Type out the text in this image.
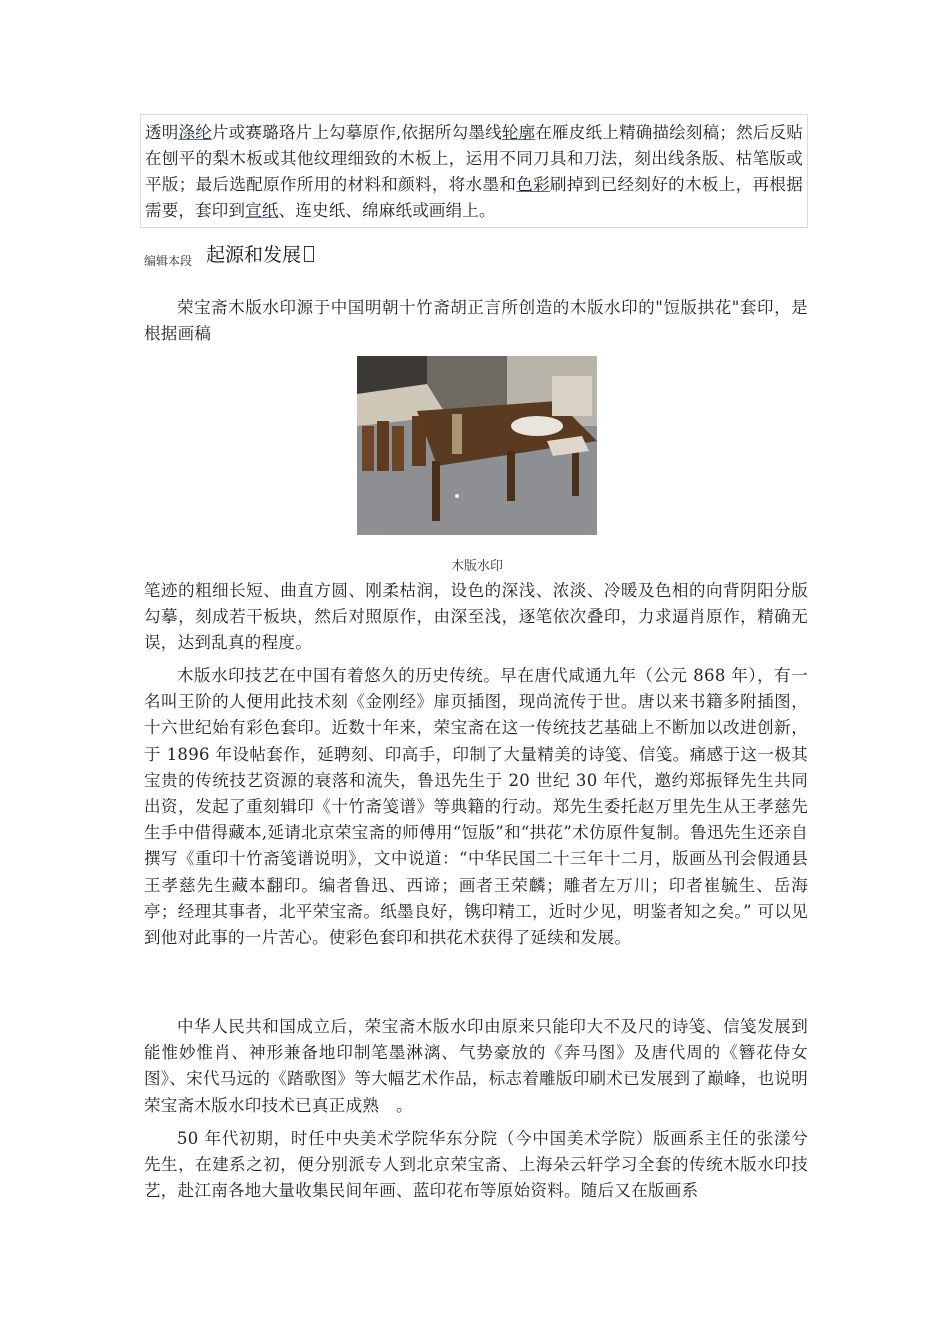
透明涤纶片或赛璐珞片上勾摹原作,依据所勾墨线轮廓在雁皮纸上精确描绘刻稿；然后反贴在刨平的梨木板或其他纹理细致的木板上，运用不同刀具和刀法，刻出线条版、枯笔版或平版；最后选配原作所用的材料和颜料，将水墨和色彩刷掉到已经刻好的木板上，再根据需要，套印到宣纸、连史纸、绵麻纸或画绢上。
编辑本段 起源和发展
荣宝斋木版水印源于中国明朝十竹斋胡正言所创造的木版水印的"饾版拱花"套印，是根据画稿
木版水印
笔迹的粗细长短、曲直方圆、刚柔枯润，设色的深浅、浓淡、冷暖及色相的向背阴阳分版勾摹，刻成若干板块，然后对照原作，由深至浅，逐笔依次叠印，力求逼肖原作，精确无误，达到乱真的程度。
木版水印技艺在中国有着悠久的历史传统。早在唐代咸通九年（公元 868 年），有一名叫王阶的人便用此技术刻《金刚经》扉页插图，现尚流传于世。唐以来书籍多附插图，十六世纪始有彩色套印。近数十年来，荣宝斋在这一传统技艺基础上不断加以改进创新，于 1896 年设帖套作，延聘刻、印高手，印制了大量精美的诗笺、信笺。痛感于这一极其宝贵的传统技艺资源的衰落和流失，鲁迅先生于 20 世纪 30 年代，邀约郑振铎先生共同出资，发起了重刻辑印《十竹斋笺谱》等典籍的行动。郑先生委托赵万里先生从王孝慈先生手中借得藏本,延请北京荣宝斋的师傅用“饾版”和“拱花”术仿原件复制。鲁迅先生还亲自撰写《重印十竹斋笺谱说明》，文中说道：“中华民国二十三年十二月，版画丛刊会假通县王孝慈先生藏本翻印。编者鲁迅、西谛；画者王荣麟；雕者左万川；印者崔毓生、岳海亭；经理其事者，北平荣宝斋。纸墨良好，镌印精工，近时少见，明鉴者知之矣。” 可以见到他对此事的一片苦心。使彩色套印和拱花术获得了延续和发展。
中华人民共和国成立后，荣宝斋木版水印由原来只能印大不及尺的诗笺、信笺发展到能惟妙惟肖、神形兼备地印制笔墨淋漓、气势豪放的《奔马图》及唐代周的《簪花侍女图》、宋代马远的《踏歌图》等大幅艺术作品，标志着雕版印刷术已发展到了巅峰，也说明荣宝斋木版水印技术已真正成熟　。
50 年代初期，时任中央美术学院华东分院（今中国美术学院）版画系主任的张漾兮先生，在建系之初，便分别派专人到北京荣宝斋、上海朵云轩学习全套的传统木版水印技艺，赴江南各地大量收集民间年画、蓝印花布等原始资料。随后又在版画系
